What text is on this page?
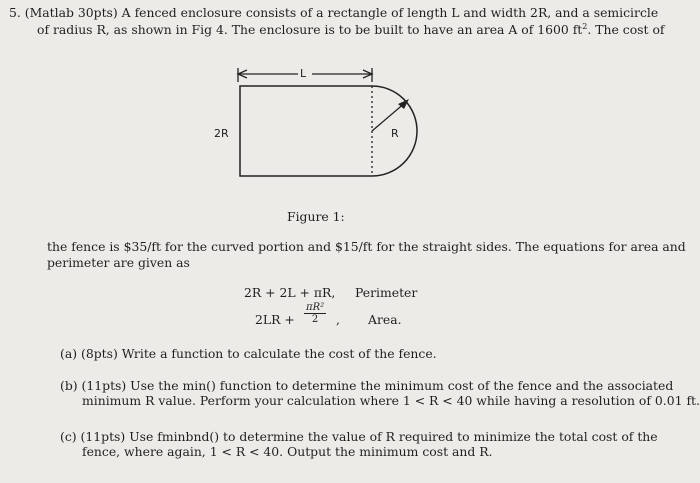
5. (Matlab 30pts) A fenced enclosure consists of a rectangle of length L and width 2R, and a semicircle
of radius R, as shown in Fig 4. The enclosure is to be built to have an area A of 1600 $ft^2$. The cost of
L
2R	R
Figure 1:
the fence is $35/ft for the curved portion and $15/ft for the straight sides. The equations for area and
perimeter are given as
2R + 2L + πR, Perimeter
$2LR + \frac{\text{πR²}}{2}$ , Area.
(a) (8pts) Write a function to calculate the cost of the fence.
(b) (11pts) Use the min() function to determine the minimum cost of the fence and the associated
minimum R value. Perform your calculation where 1 < R < 40 while having a resolution of 0.01 ft.
(c) (11pts) Use fminbnd() to determine the value of R required to minimize the total cost of the
fence, where again, 1 < R < 40. Output the minimum cost and R.
